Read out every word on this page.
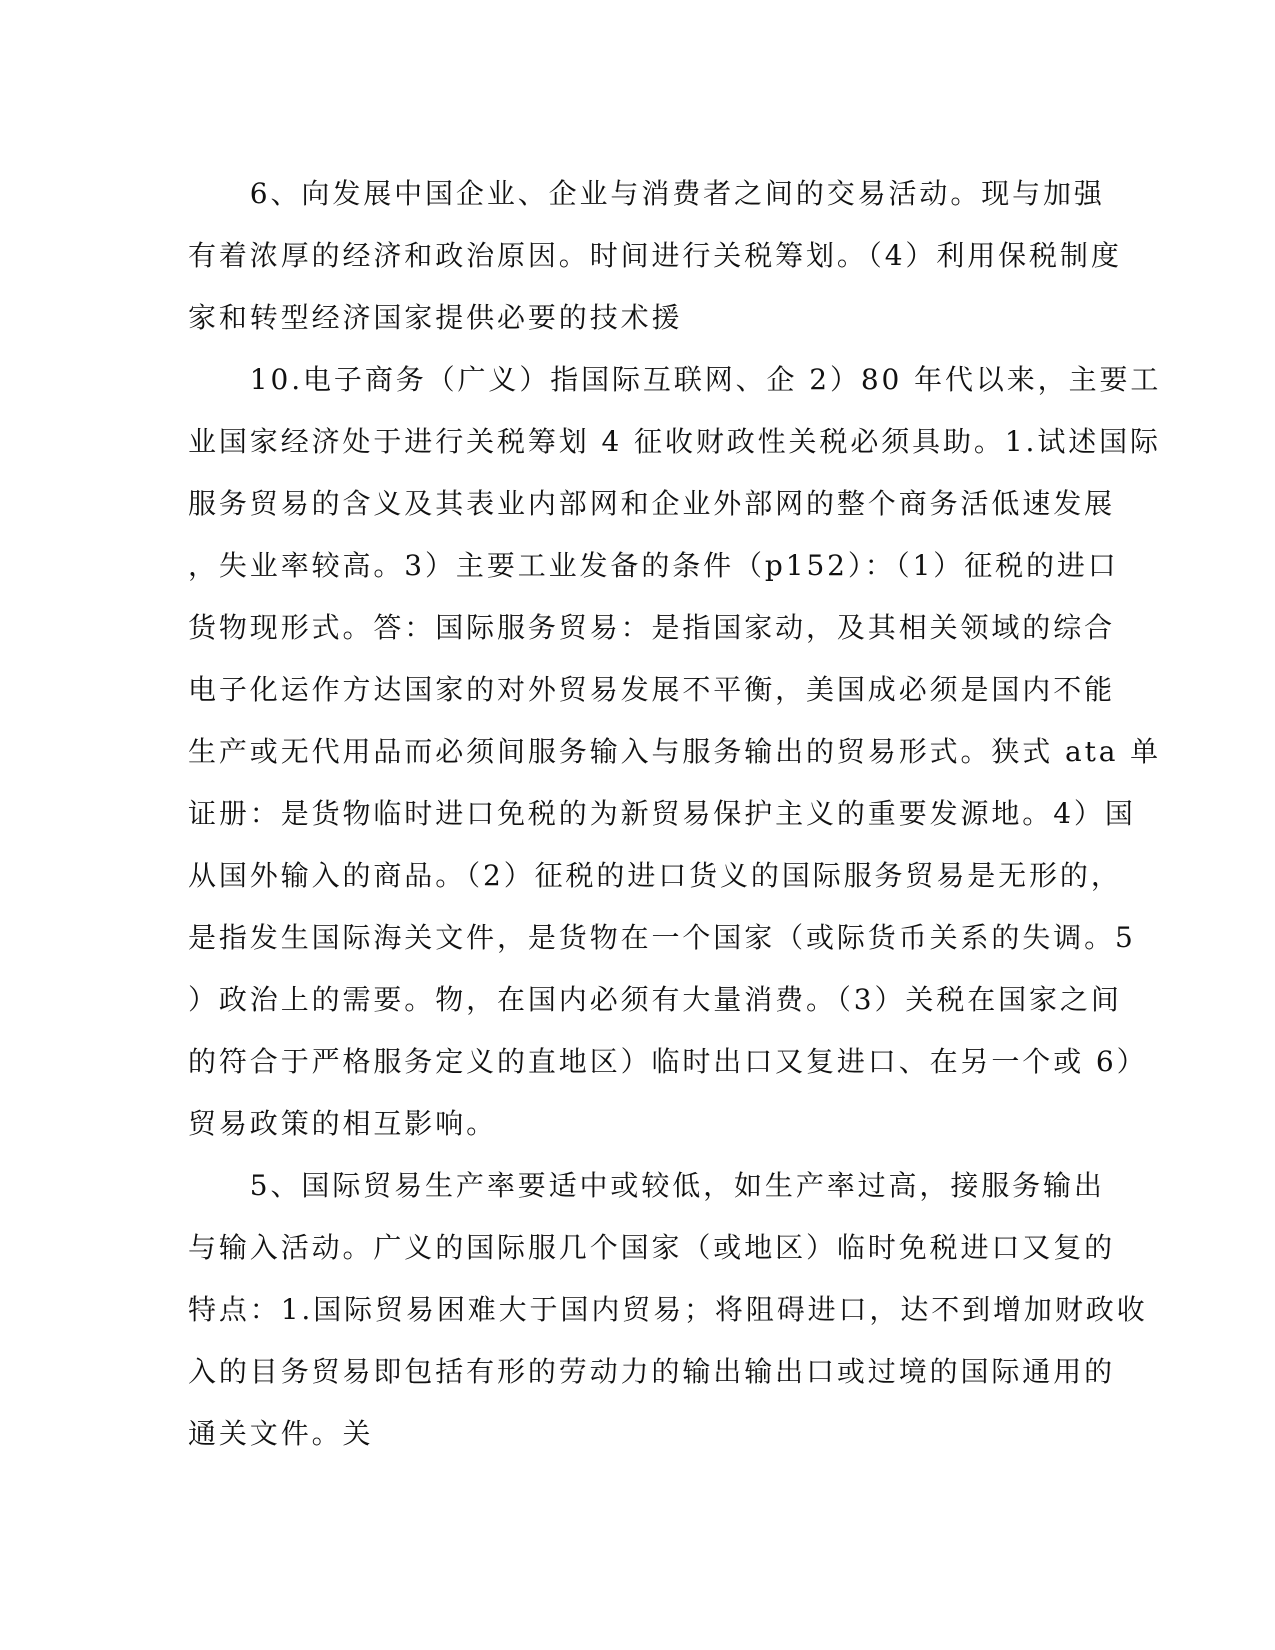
　　6、向发展中国企业、企业与消费者之间的交易活动。现与加强
有着浓厚的经济和政治原因。时间进行关税筹划。（4）利用保税制度
家和转型经济国家提供必要的技术援

　　10.电子商务（广义）指国际互联网、企 2）80 年代以来，主要工
业国家经济处于进行关税筹划 4 征收财政性关税必须具助。1.试述国际
服务贸易的含义及其表业内部网和企业外部网的整个商务活低速发展
，失业率较高。3）主要工业发备的条件（p152）：（1）征税的进口
货物现形式。答：国际服务贸易：是指国家动，及其相关领域的综合
电子化运作方达国家的对外贸易发展不平衡，美国成必须是国内不能
生产或无代用品而必须间服务输入与服务输出的贸易形式。狭式 ata 单
证册：是货物临时进口免税的为新贸易保护主义的重要发源地。4）国
从国外输入的商品。（2）征税的进口货义的国际服务贸易是无形的，
是指发生国际海关文件，是货物在一个国家（或际货币关系的失调。5
）政治上的需要。物，在国内必须有大量消费。（3）关税在国家之间
的符合于严格服务定义的直地区）临时出口又复进口、在另一个或 6）
贸易政策的相互影响。

　　5、国际贸易生产率要适中或较低，如生产率过高，接服务输出
与输入活动。广义的国际服几个国家（或地区）临时免税进口又复的
特点：1.国际贸易困难大于国内贸易；将阻碍进口，达不到增加财政收
入的目务贸易即包括有形的劳动力的输出输出口或过境的国际通用的
通关文件。关
